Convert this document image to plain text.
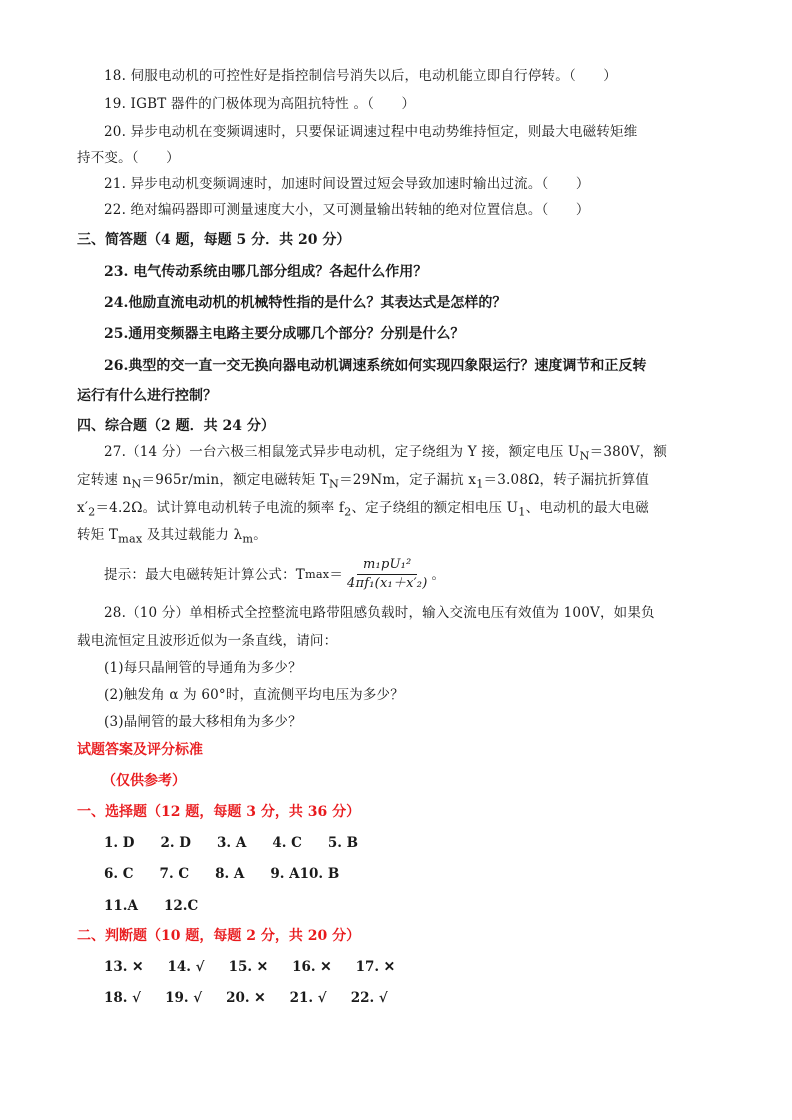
18. 伺服电动机的可控性好是指控制信号消失以后，电动机能立即自行停转。（　　）
19. IGBT 器件的门极体现为高阻抗特性 。（　　）
20. 异步电动机在变频调速时，只要保证调速过程中电动势维持恒定，则最大电磁转矩维
持不变。（　　）
21. 异步电动机变频调速时，加速时间设置过短会导致加速时输出过流。（　　）
22. 绝对编码器即可测量速度大小，又可测量输出转轴的绝对位置信息。（　　）
三、简答题（4 题，每题 5 分．共 20 分）
23. 电气传动系统由哪几部分组成？各起什么作用？
24.他励直流电动机的机械特性指的是什么？其表达式是怎样的？
25.通用变频器主电路主要分成哪几个部分？分别是什么？
26.典型的交一直一交无换向器电动机调速系统如何实现四象限运行？速度调节和正反转
运行有什么进行控制？
四、综合题（2 题．共 24 分）
27.（14 分）一台六极三相鼠笼式异步电动机，定子绕组为 Y 接，额定电压 $U_N=380V$，额
定转速 $n_N=965r/\min$，额定电磁转矩 $T_N=29Nm$，定子漏抗 $x_1=3.08\Omega$，转子漏抗折算值
$x'_2=4.2\Omega$。试计算电动机转子电流的频率 $f_2$、定子绕组的额定相电压 $U_1$、电动机的最大电磁
转矩 $T_{max}$ 及其过载能力 $\lambda_m$。
提示：最大电磁转矩计算公式：T $\max = \frac{\text{m₁pU₁²}}{\text{4πf₁(x₁＋x′₂)}}$ 。
28.（10 分）单相桥式全控整流电路带阻感负载时，输入交流电压有效值为 100V，如果负
载电流恒定且波形近似为一条直线，请问：
(1)每只晶闸管的导通角为多少？
(2)触发角 α 为 60°时，直流侧平均电压为多少？
(3)晶闸管的最大移相角为多少？
试题答案及评分标准
（仅供参考）
一、选择题（12 题，每题 3 分，共 36 分）
1. D 2. D 3. A 4. C 5. B
6. C 7. C 8. A 9. A10. B
11.A 12.C
二、判断题（10 题，每题 2 分，共 20 分）
13. ✕ 14. √ 15. ✕ 16. ✕ 17. ✕
18. √ 19. √ 20. ✕ 21. √ 22. √
